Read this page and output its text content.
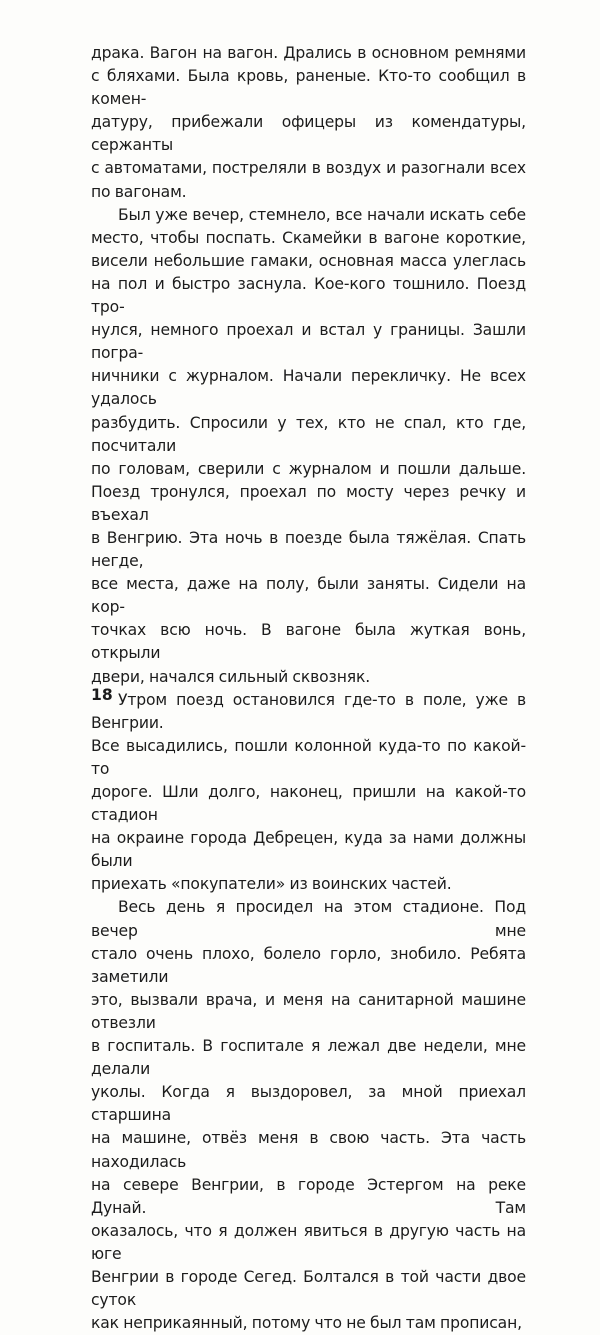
драка. Вагон на вагон. Дрались в основном ремнями
с бляхами. Была кровь, раненые. Кто-то сообщил в комен-
датуру, прибежали офицеры из комендатуры, сержанты
с автоматами, постреляли в воздух и разогнали всех
по вагонам.

Был уже вечер, стемнело, все начали искать себе
место, чтобы поспать. Скамейки в вагоне короткие,
висели небольшие гамаки, основная масса улеглась
на пол и быстро заснула. Кое-кого тошнило. Поезд тро-
нулся, немного проехал и встал у границы. Зашли погра-
ничники с журналом. Начали перекличку. Не всех удалось
разбудить. Спросили у тех, кто не спал, кто где, посчитали
по головам, сверили с журналом и пошли дальше.
Поезд тронулся, проехал по мосту через речку и въехал
в Венгрию. Эта ночь в поезде была тяжёлая. Спать негде,
все места, даже на полу, были заняты. Сидели на кор-
точках всю ночь. В вагоне была жуткая вонь, открыли
двери, начался сильный сквозняк.

Утром поезд остановился где-то в поле, уже в Венгрии.
Все высадились, пошли колонной куда-то по какой-то
дороге. Шли долго, наконец, пришли на какой-то стадион
на окраине города Дебрецен, куда за нами должны были
приехать «покупатели» из воинских частей.

Весь день я просидел на этом стадионе. Под вечер мне
стало очень плохо, болело горло, знобило. Ребята заметили
это, вызвали врача, и меня на санитарной машине отвезли
в госпиталь. В госпитале я лежал две недели, мне делали
уколы. Когда я выздоровел, за мной приехал старшина
на машине, отвёз меня в свою часть. Эта часть находилась
на севере Венгрии, в городе Эстергом на реке Дунай. Там
оказалось, что я должен явиться в другую часть на юге
Венгрии в городе Сегед. Болтался в той части двое суток
как неприкаянный, потому что не был там прописан,

18
